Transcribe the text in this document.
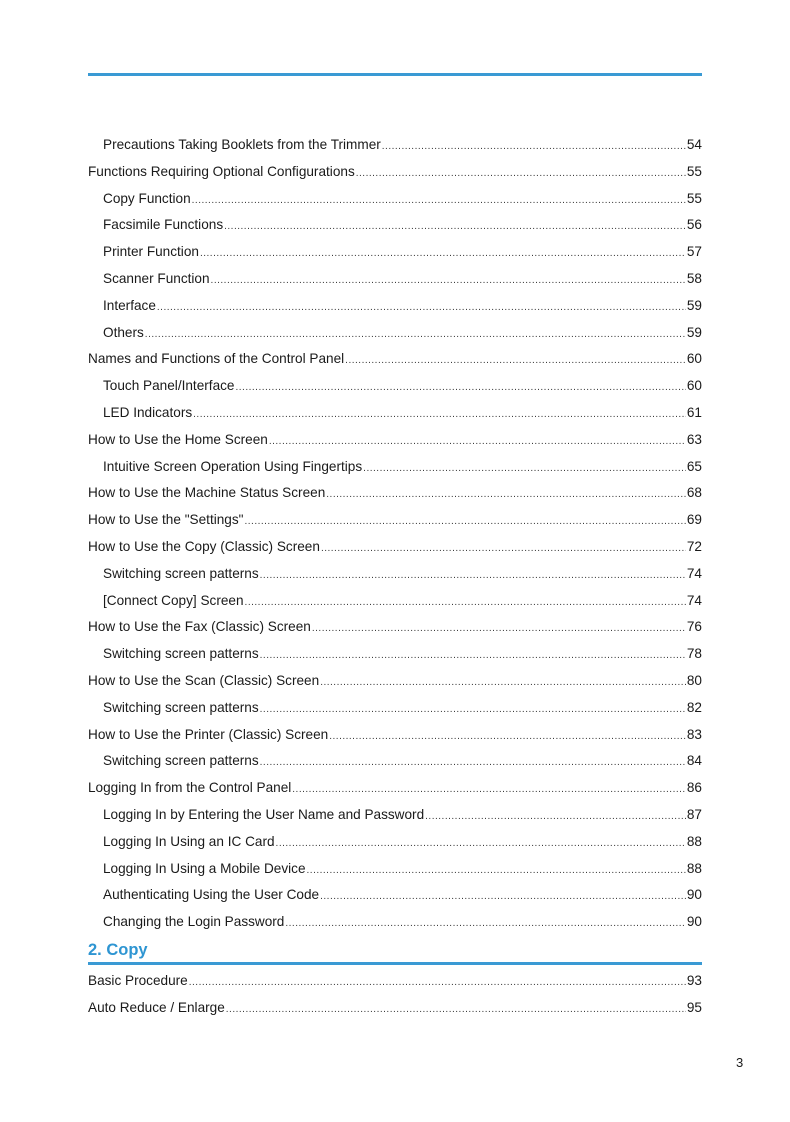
Precautions Taking Booklets from the Trimmer .....	54
Functions Requiring Optional Configurations .....	55
Copy Function .....	55
Facsimile Functions .....	56
Printer Function .....	57
Scanner Function .....	58
Interface .....	59
Others .....	59
Names and Functions of the Control Panel .....	60
Touch Panel/Interface .....	60
LED Indicators .....	61
How to Use the Home Screen .....	63
Intuitive Screen Operation Using Fingertips .....	65
How to Use the Machine Status Screen .....	68
How to Use the "Settings" .....	69
How to Use the Copy (Classic) Screen .....	72
Switching screen patterns .....	74
[Connect Copy] Screen .....	74
How to Use the Fax (Classic) Screen .....	76
Switching screen patterns .....	78
How to Use the Scan (Classic) Screen .....	80
Switching screen patterns .....	82
How to Use the Printer (Classic) Screen .....	83
Switching screen patterns .....	84
Logging In from the Control Panel .....	86
Logging In by Entering the User Name and Password .....	87
Logging In Using an IC Card .....	88
Logging In Using a Mobile Device .....	88
Authenticating Using the User Code .....	90
Changing the Login Password .....	90
2. Copy
Basic Procedure .....	93
Auto Reduce / Enlarge .....	95
3
